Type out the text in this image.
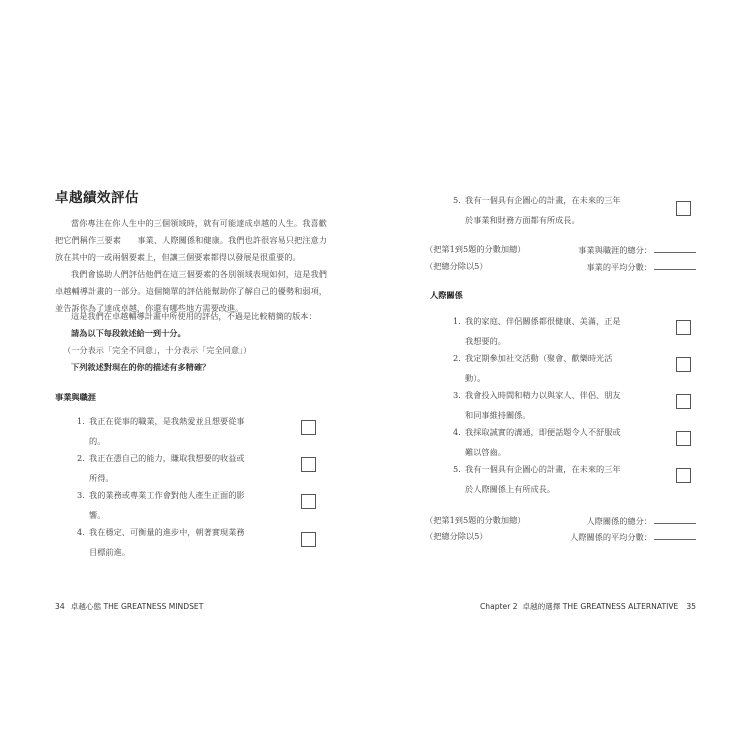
卓越績效評估

當你專注在你人生中的三個領域時，就有可能達成卓越的人生。我喜歡把它們稱作三要素　　事業、人際關係和健康。我們也許很容易只把注意力放在其中的一或兩個要素上，但讓三個要素都得以發展是很重要的。

我們會協助人們評估他們在這三個要素的各別領域表現如何，這是我們卓越輔導計畫的一部分。這個簡單的評估能幫助你了解自己的優勢和弱項，並告訴你為了達成卓越，你還有哪些地方需要改進。

這是我們在卓越輔導計畫中所使用的評估，不過是比較精簡的版本：

請為以下每段敘述給一到十分。

（一分表示「完全不同意」，十分表示「完全同意」）

下列敘述對現在的你的描述有多精確？

事業與職涯
1. 我正在從事的職業，是我熱愛並且想要從事
的。
2. 我正在憑自己的能力，賺取我想要的收益或
所得。
3. 我的業務或專業工作會對他人產生正面的影
響。
4. 我在穩定、可衡量的進步中，朝著實現業務
目標前進。
34 卓越心態 THE GREATNESS MINDSET
5. 我有一個具有企圖心的計畫，在未來的三年
於事業和財務方面都有所成長。
（把第1到5題的分數加總）
（把總分除以5）
事業與職涯的總分：
事業的平均分數：
人際關係
1. 我的家庭、伴侶關係都很健康、美滿，正是
我想要的。
2. 我定期參加社交活動（聚會、歡樂時光活
動）。
3. 我會投入時間和精力以與家人、伴侶、朋友
和同事維持關係。
4. 我採取誠實的溝通，即便話題令人不舒服或
難以啓齒。
5. 我有一個具有企圖心的計畫，在未來的三年
於人際關係上有所成長。
（把第1到5題的分數加總）
（把總分除以5）
人際關係的總分：
人際關係的平均分數：
Chapter 2 卓越的選擇 THE GREATNESS ALTERNATIVE 35
